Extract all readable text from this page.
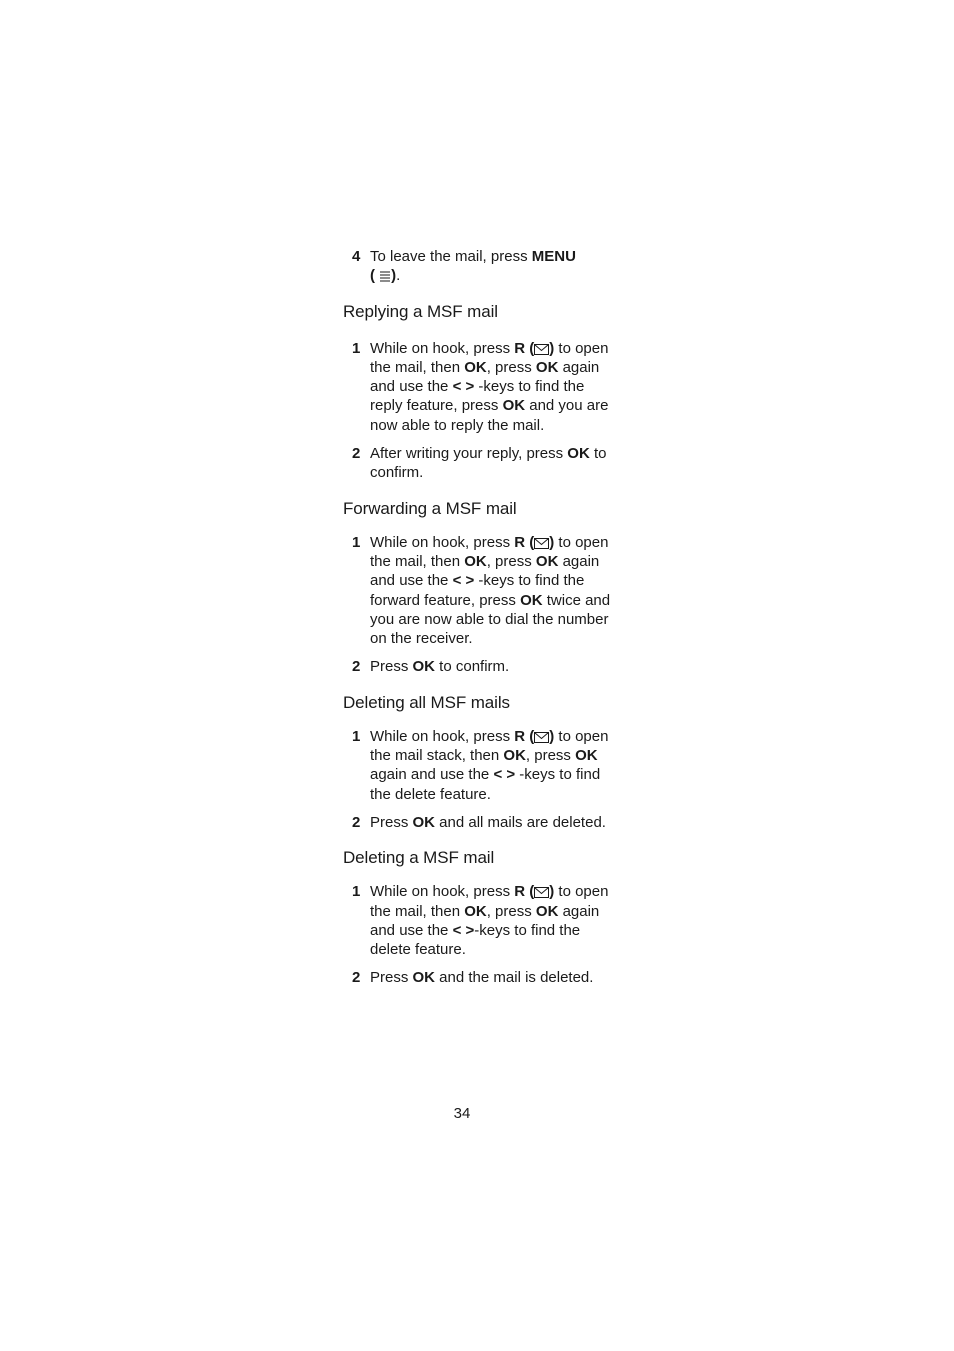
4 To leave the mail, press MENU
( ).
Replying a MSF mail
1 While on hook, press R ( ) to open the mail, then OK, press OK again and use the < > -keys to find the reply feature, press OK and you are now able to reply the mail.
2 After writing your reply, press OK to confirm.
Forwarding a MSF mail
1 While on hook, press R ( ) to open the mail, then OK, press OK again and use the < > -keys to find the forward feature, press OK twice and you are now able to dial the number on the receiver.
2 Press OK to confirm.
Deleting all MSF mails
1 While on hook, press R ( ) to open the mail stack, then OK, press OK again and use the < > -keys to find the delete feature.
2 Press OK and all mails are deleted.
Deleting a MSF mail
1 While on hook, press R ( ) to open the mail, then OK, press OK again and use the < >-keys to find the delete feature.
2 Press OK and the mail is deleted.
34
